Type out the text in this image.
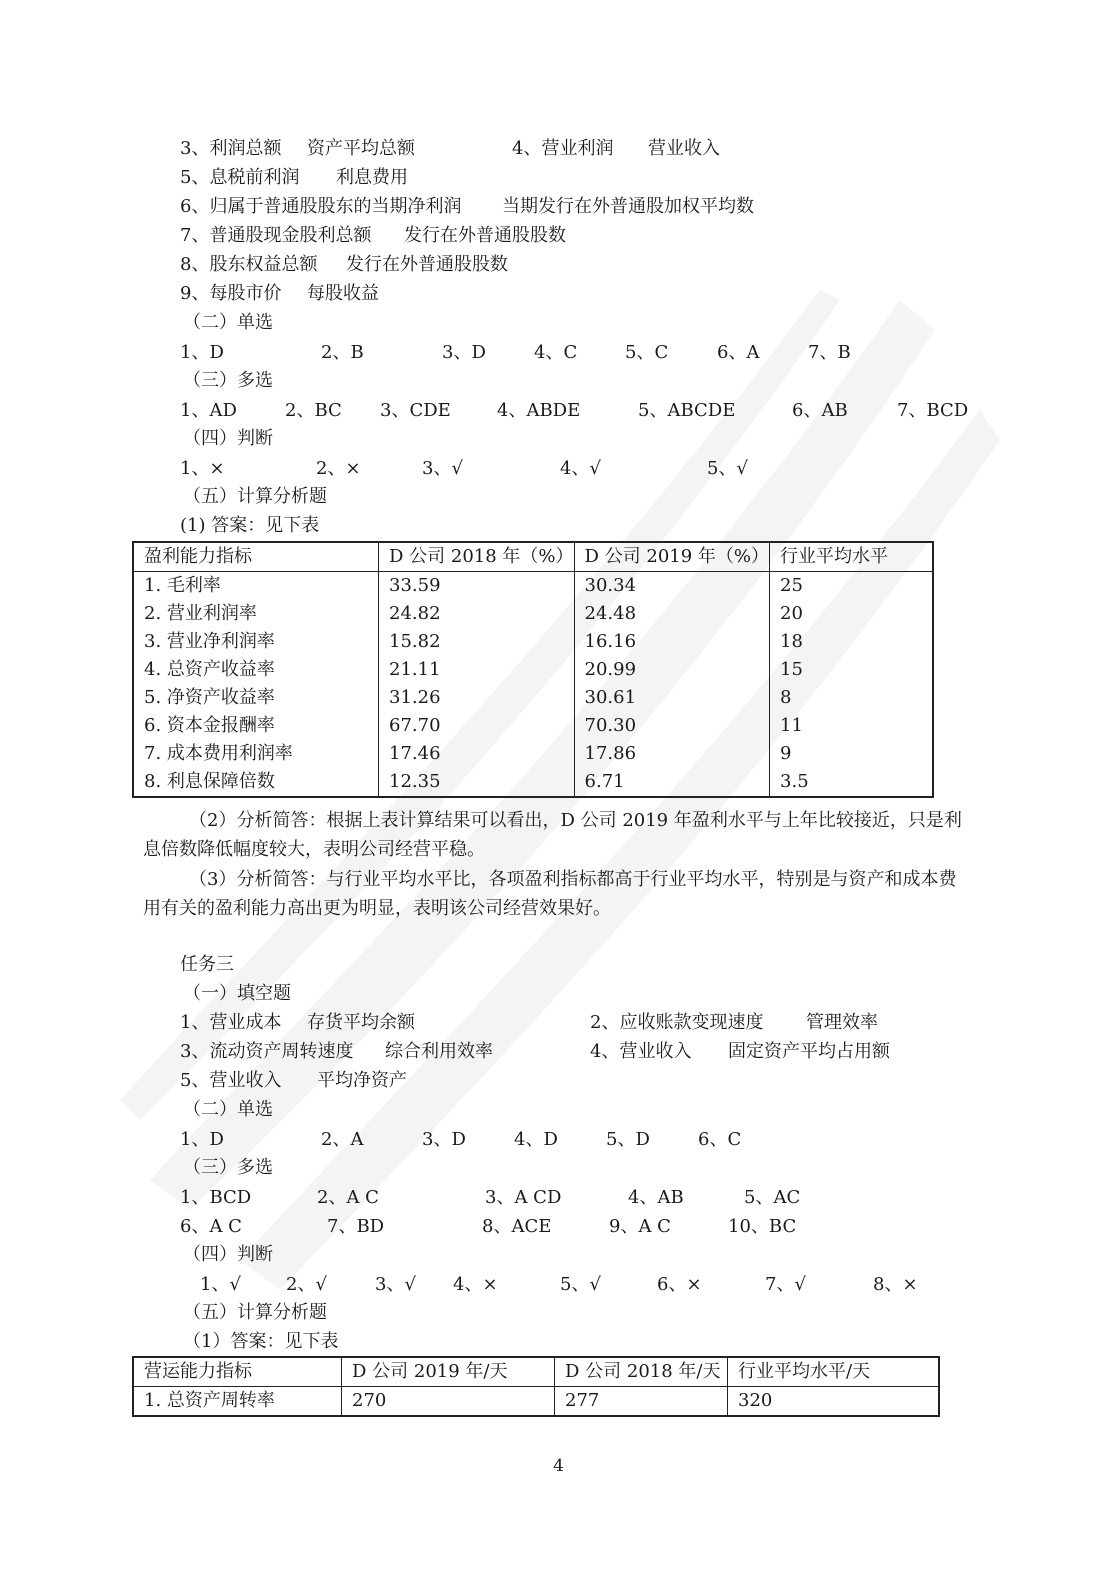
3、利润总额 资产平均总额	4、营业利润 营业收入
5、息税前利润 利息费用
6、归属于普通股股东的当期净利润 当期发行在外普通股加权平均数
7、普通股现金股利总额 发行在外普通股股数
8、股东权益总额 发行在外普通股股数
9、每股市价 每股收益
（二）单选
1、D	2、B	3、D	4、C	5、C	6、A	7、B
（三）多选
1、AD	2、BC 3、CDE	4、ABDE	5、ABCDE	6、AB	7、BCD
（四）判断
1、×	2、×	3、√	4、√	5、√
（五）计算分析题
(1) 答案：见下表
盈利能力指标	D 公司 2018 年（%）	D 公司 2019 年（%）	行业平均水平
1. 毛利率	33.59	30.34	25
2. 营业利润率	24.82	24.48	20
3. 营业净利润率	15.82	16.16	18
4. 总资产收益率	21.11	20.99	15
5. 净资产收益率	31.26	30.61	8
6. 资本金报酬率	67.70	70.30	11
7. 成本费用利润率	17.46	17.86	9
8. 利息保障倍数	12.35	6.71	3.5
（2）分析简答：根据上表计算结果可以看出，D 公司 2019 年盈利水平与上年比较接近，只是利息倍数降低幅度较大，表明公司经营平稳。
（3）分析简答：与行业平均水平比，各项盈利指标都高于行业平均水平，特别是与资产和成本费用有关的盈利能力高出更为明显，表明该公司经营效果好。
任务三
（一）填空题
1、营业成本 存货平均余额	2、应收账款变现速度 管理效率
3、流动资产周转速度 综合利用效率	4、营业收入 固定资产平均占用额
5、营业收入 平均净资产
（二）单选
1、D	2、A	3、D	4、D	5、D	6、C
（三）多选
1、BCD	2、A C	3、A CD	4、AB	5、AC
6、A C	7、BD	8、ACE	9、A C	10、BC
（四）判断
1、√	2、√	3、√ 4、×	5、√	6、×	7、√	8、×
（五）计算分析题
（1）答案：见下表
营运能力指标	D 公司 2019 年/天	D 公司 2018 年/天	行业平均水平/天
1. 总资产周转率	270	277	320
4
